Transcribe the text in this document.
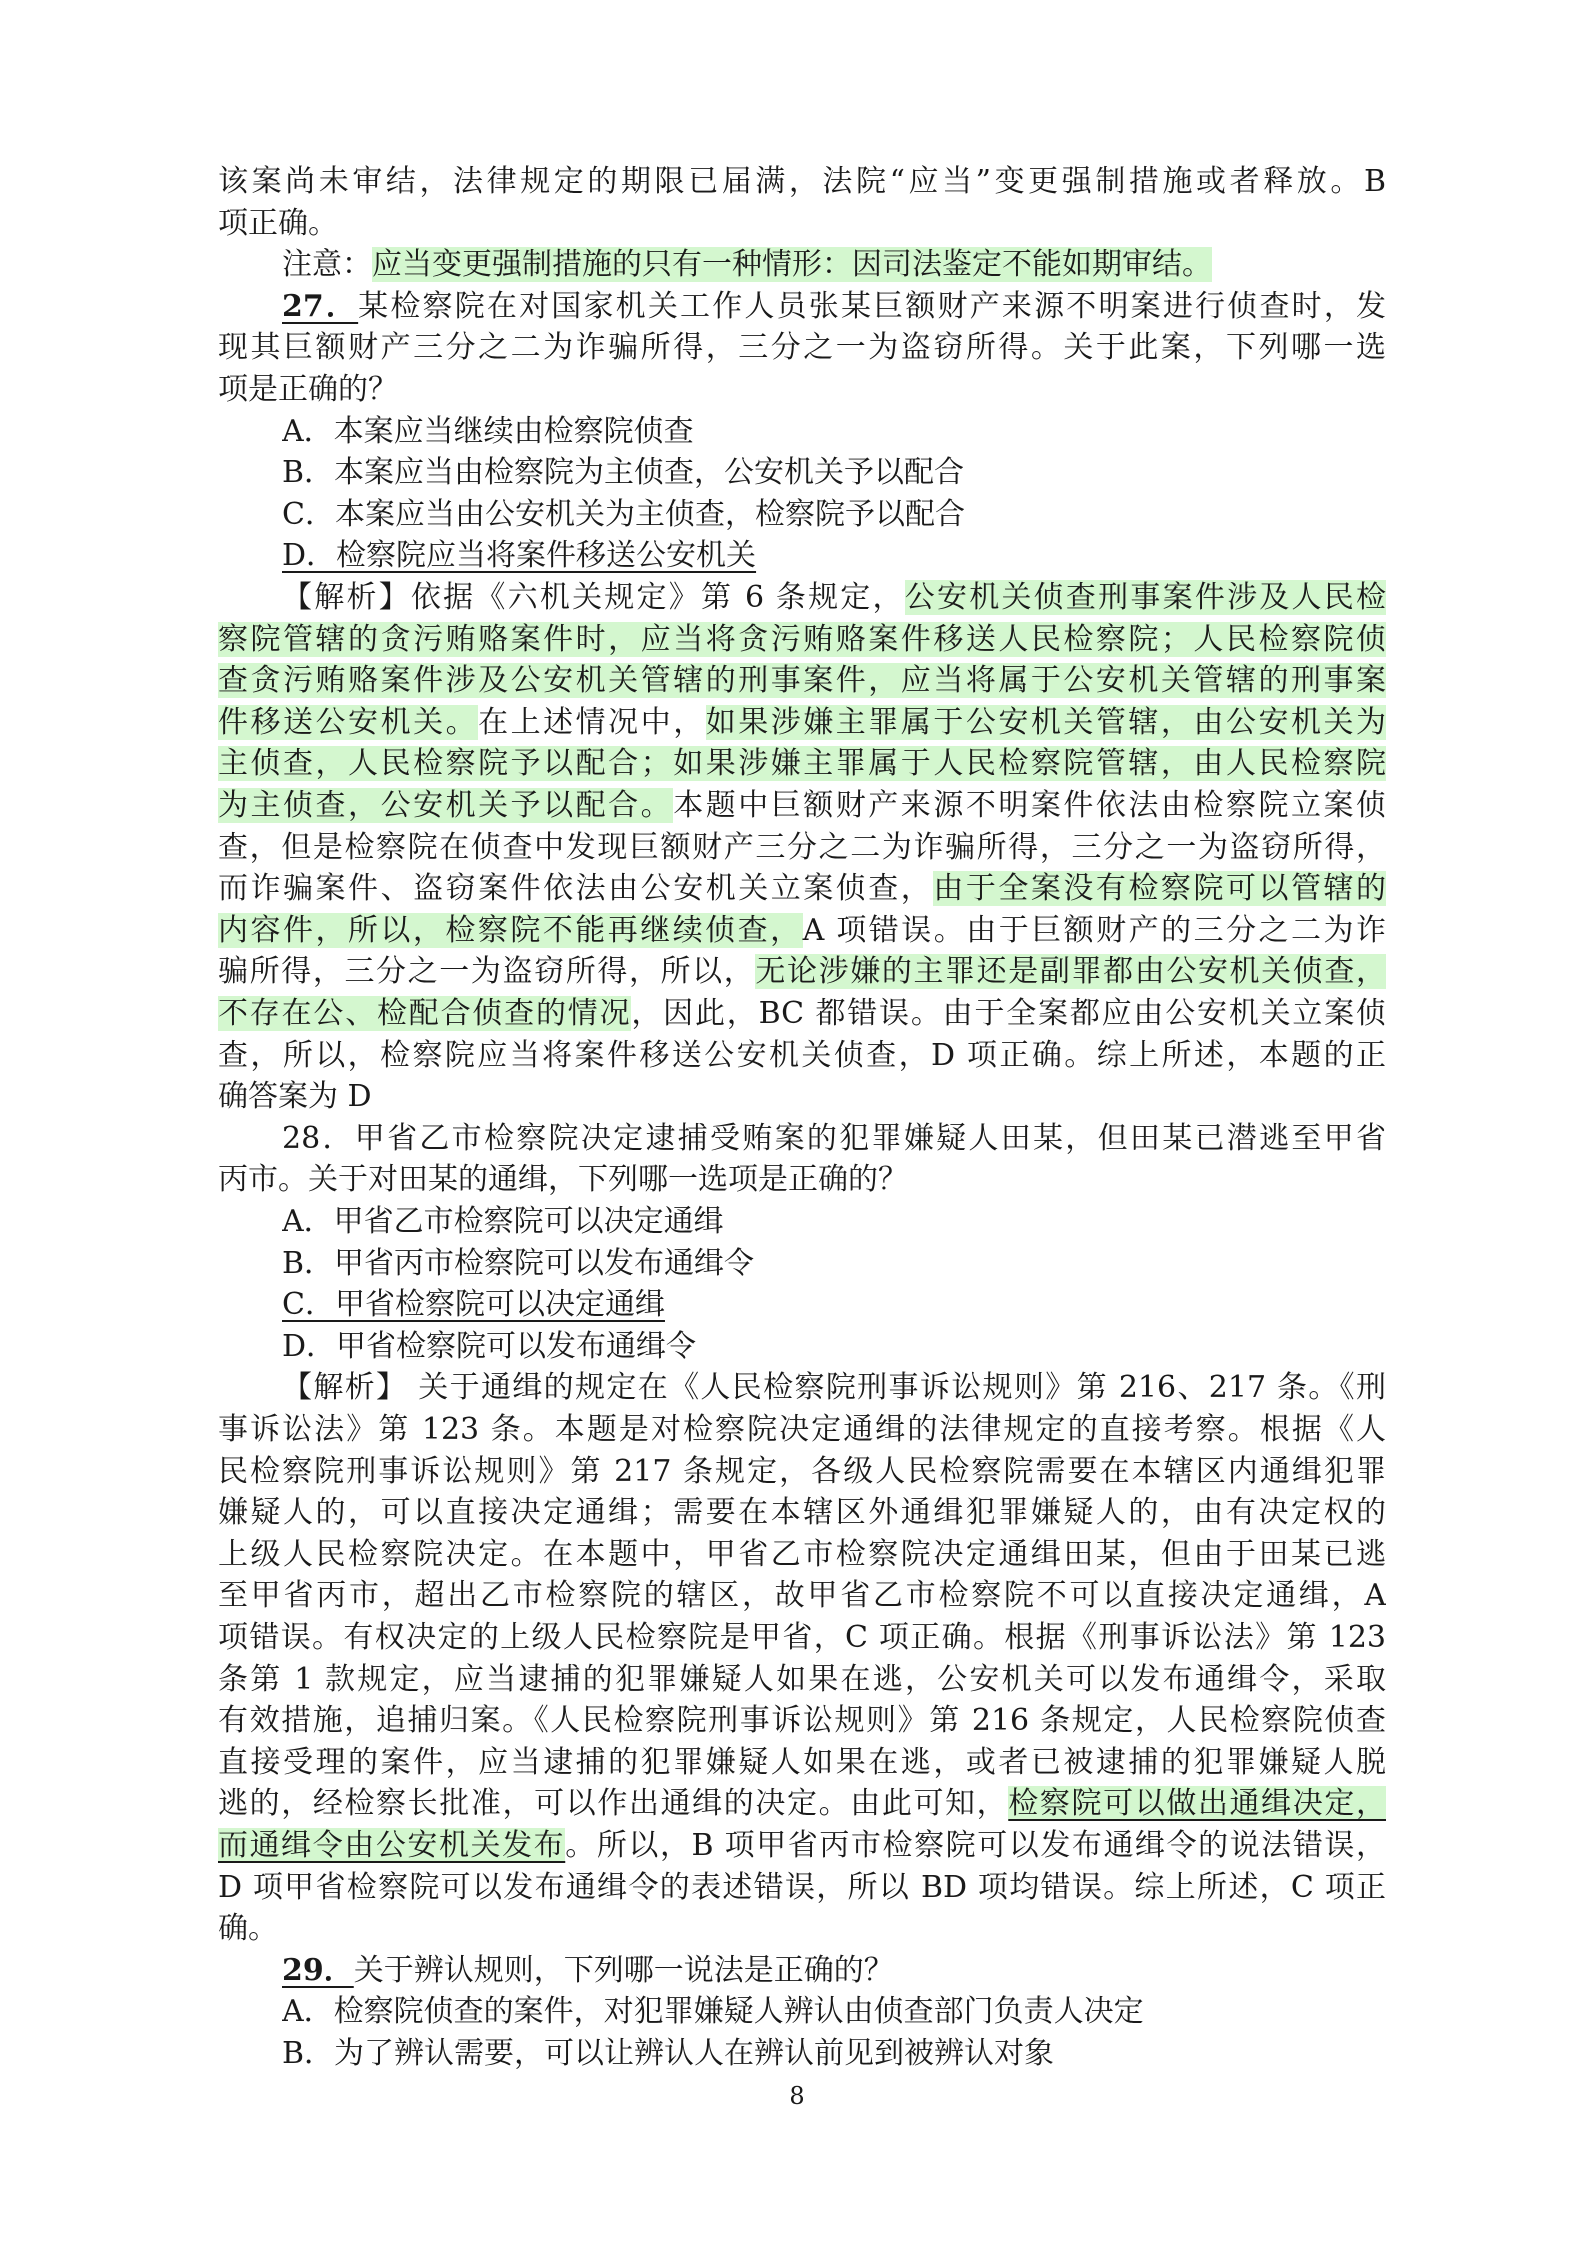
该案尚未审结，法律规定的期限已届满，法院“应当”变更强制措施或者释放。B
项正确。
注意：应当变更强制措施的只有一种情形：因司法鉴定不能如期审结。
27．某检察院在对国家机关工作人员张某巨额财产来源不明案进行侦查时，发
现其巨额财产三分之二为诈骗所得，三分之一为盗窃所得。关于此案，下列哪一选
项是正确的？
A．本案应当继续由检察院侦查
B．本案应当由检察院为主侦查，公安机关予以配合
C．本案应当由公安机关为主侦查，检察院予以配合
D．检察院应当将案件移送公安机关
【解析】依据《六机关规定》第 6 条规定，公安机关侦查刑事案件涉及人民检
察院管辖的贪污贿赂案件时，应当将贪污贿赂案件移送人民检察院；人民检察院侦
查贪污贿赂案件涉及公安机关管辖的刑事案件，应当将属于公安机关管辖的刑事案
件移送公安机关。在上述情况中，如果涉嫌主罪属于公安机关管辖，由公安机关为
主侦查，人民检察院予以配合；如果涉嫌主罪属于人民检察院管辖，由人民检察院
为主侦查，公安机关予以配合。本题中巨额财产来源不明案件依法由检察院立案侦
查，但是检察院在侦查中发现巨额财产三分之二为诈骗所得，三分之一为盗窃所得，
而诈骗案件、盗窃案件依法由公安机关立案侦查，由于全案没有检察院可以管辖的
内容件，所以，检察院不能再继续侦查，A 项错误。由于巨额财产的三分之二为诈
骗所得，三分之一为盗窃所得，所以，无论涉嫌的主罪还是副罪都由公安机关侦查，
不存在公、检配合侦查的情况，因此，BC 都错误。由于全案都应由公安机关立案侦
查，所以，检察院应当将案件移送公安机关侦查，D 项正确。综上所述，本题的正
确答案为 D
28．甲省乙市检察院决定逮捕受贿案的犯罪嫌疑人田某，但田某已潜逃至甲省
丙市。关于对田某的通缉，下列哪一选项是正确的？
A．甲省乙市检察院可以决定通缉
B．甲省丙市检察院可以发布通缉令
C．甲省检察院可以决定通缉
D．甲省检察院可以发布通缉令
【解析】 关于通缉的规定在《人民检察院刑事诉讼规则》第 216、217 条。《刑
事诉讼法》第 123 条。本题是对检察院决定通缉的法律规定的直接考察。根据《人
民检察院刑事诉讼规则》第 217 条规定，各级人民检察院需要在本辖区内通缉犯罪
嫌疑人的，可以直接决定通缉；需要在本辖区外通缉犯罪嫌疑人的，由有决定权的
上级人民检察院决定。在本题中，甲省乙市检察院决定通缉田某，但由于田某已逃
至甲省丙市，超出乙市检察院的辖区，故甲省乙市检察院不可以直接决定通缉，A
项错误。有权决定的上级人民检察院是甲省，C 项正确。根据《刑事诉讼法》第 123
条第 1 款规定，应当逮捕的犯罪嫌疑人如果在逃，公安机关可以发布通缉令，采取
有效措施，追捕归案。《人民检察院刑事诉讼规则》第 216 条规定，人民检察院侦查
直接受理的案件，应当逮捕的犯罪嫌疑人如果在逃，或者已被逮捕的犯罪嫌疑人脱
逃的，经检察长批准，可以作出通缉的决定。由此可知，检察院可以做出通缉决定，
而通缉令由公安机关发布。所以，B 项甲省丙市检察院可以发布通缉令的说法错误，
D 项甲省检察院可以发布通缉令的表述错误，所以 BD 项均错误。综上所述，C 项正
确。
29．关于辨认规则，下列哪一说法是正确的？
A．检察院侦查的案件，对犯罪嫌疑人辨认由侦查部门负责人决定
B．为了辨认需要，可以让辨认人在辨认前见到被辨认对象
8
